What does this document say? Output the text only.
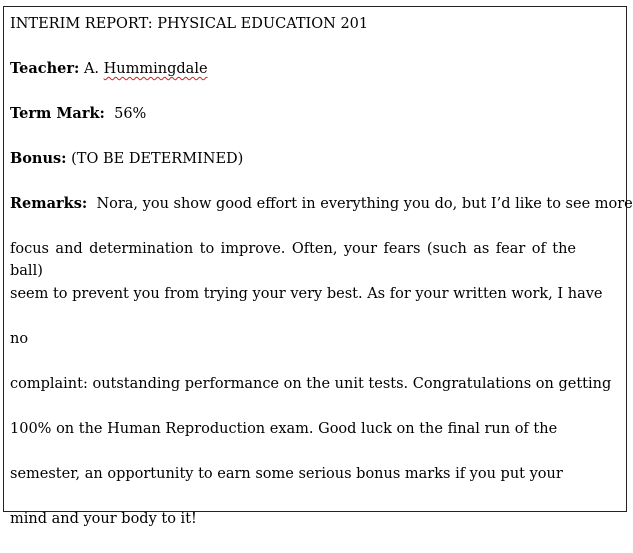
INTERIM REPORT: PHYSICAL EDUCATION 201

Teacher: A. Hummingdale

Term Mark: 56%

Bonus: (TO BE DETERMINED)

Remarks: Nora, you show good effort in everything you do, but I’d like to see more

focus and determination to improve. Often, your fears (such as fear of the ball)

seem to prevent you from trying your very best. As for your written work, I have

no

complaint: outstanding performance on the unit tests. Congratulations on getting

100% on the Human Reproduction exam. Good luck on the final run of the

semester, an opportunity to earn some serious bonus marks if you put your

mind and your body to it!
